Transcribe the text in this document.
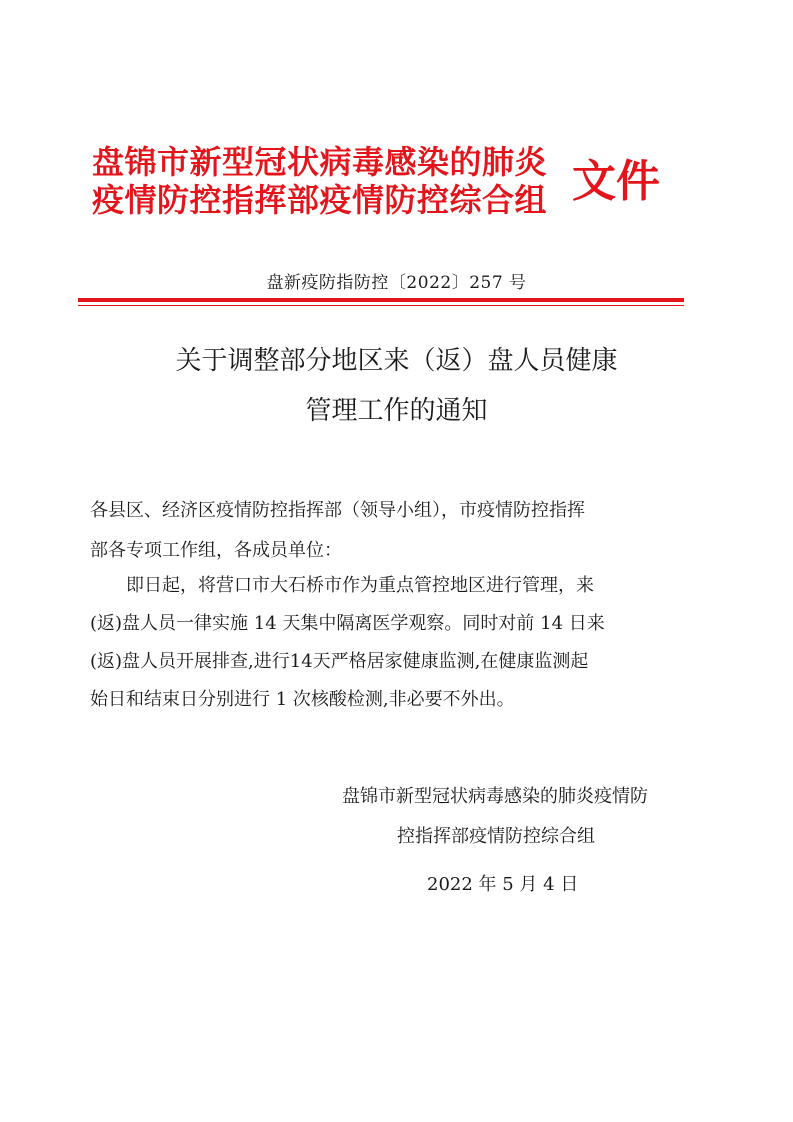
盘锦市新型冠状病毒感染的肺炎
疫情防控指挥部疫情防控综合组 文件
盘新疫防指防控〔2022〕257 号
关于调整部分地区来（返）盘人员健康
管理工作的通知
各县区、经济区疫情防控指挥部（领导小组），市疫情防控指挥
部各专项工作组，各成员单位：
即日起，将营口市大石桥市作为重点管控地区进行管理，来
(返)盘人员一律实施 14 天集中隔离医学观察。同时对前 14 日来
(返)盘人员开展排查,进行14天严格居家健康监测,在健康监测起
始日和结束日分别进行 1 次核酸检测,非必要不外出。
盘锦市新型冠状病毒感染的肺炎疫情防
控指挥部疫情防控综合组
2022 年 5 月 4 日
